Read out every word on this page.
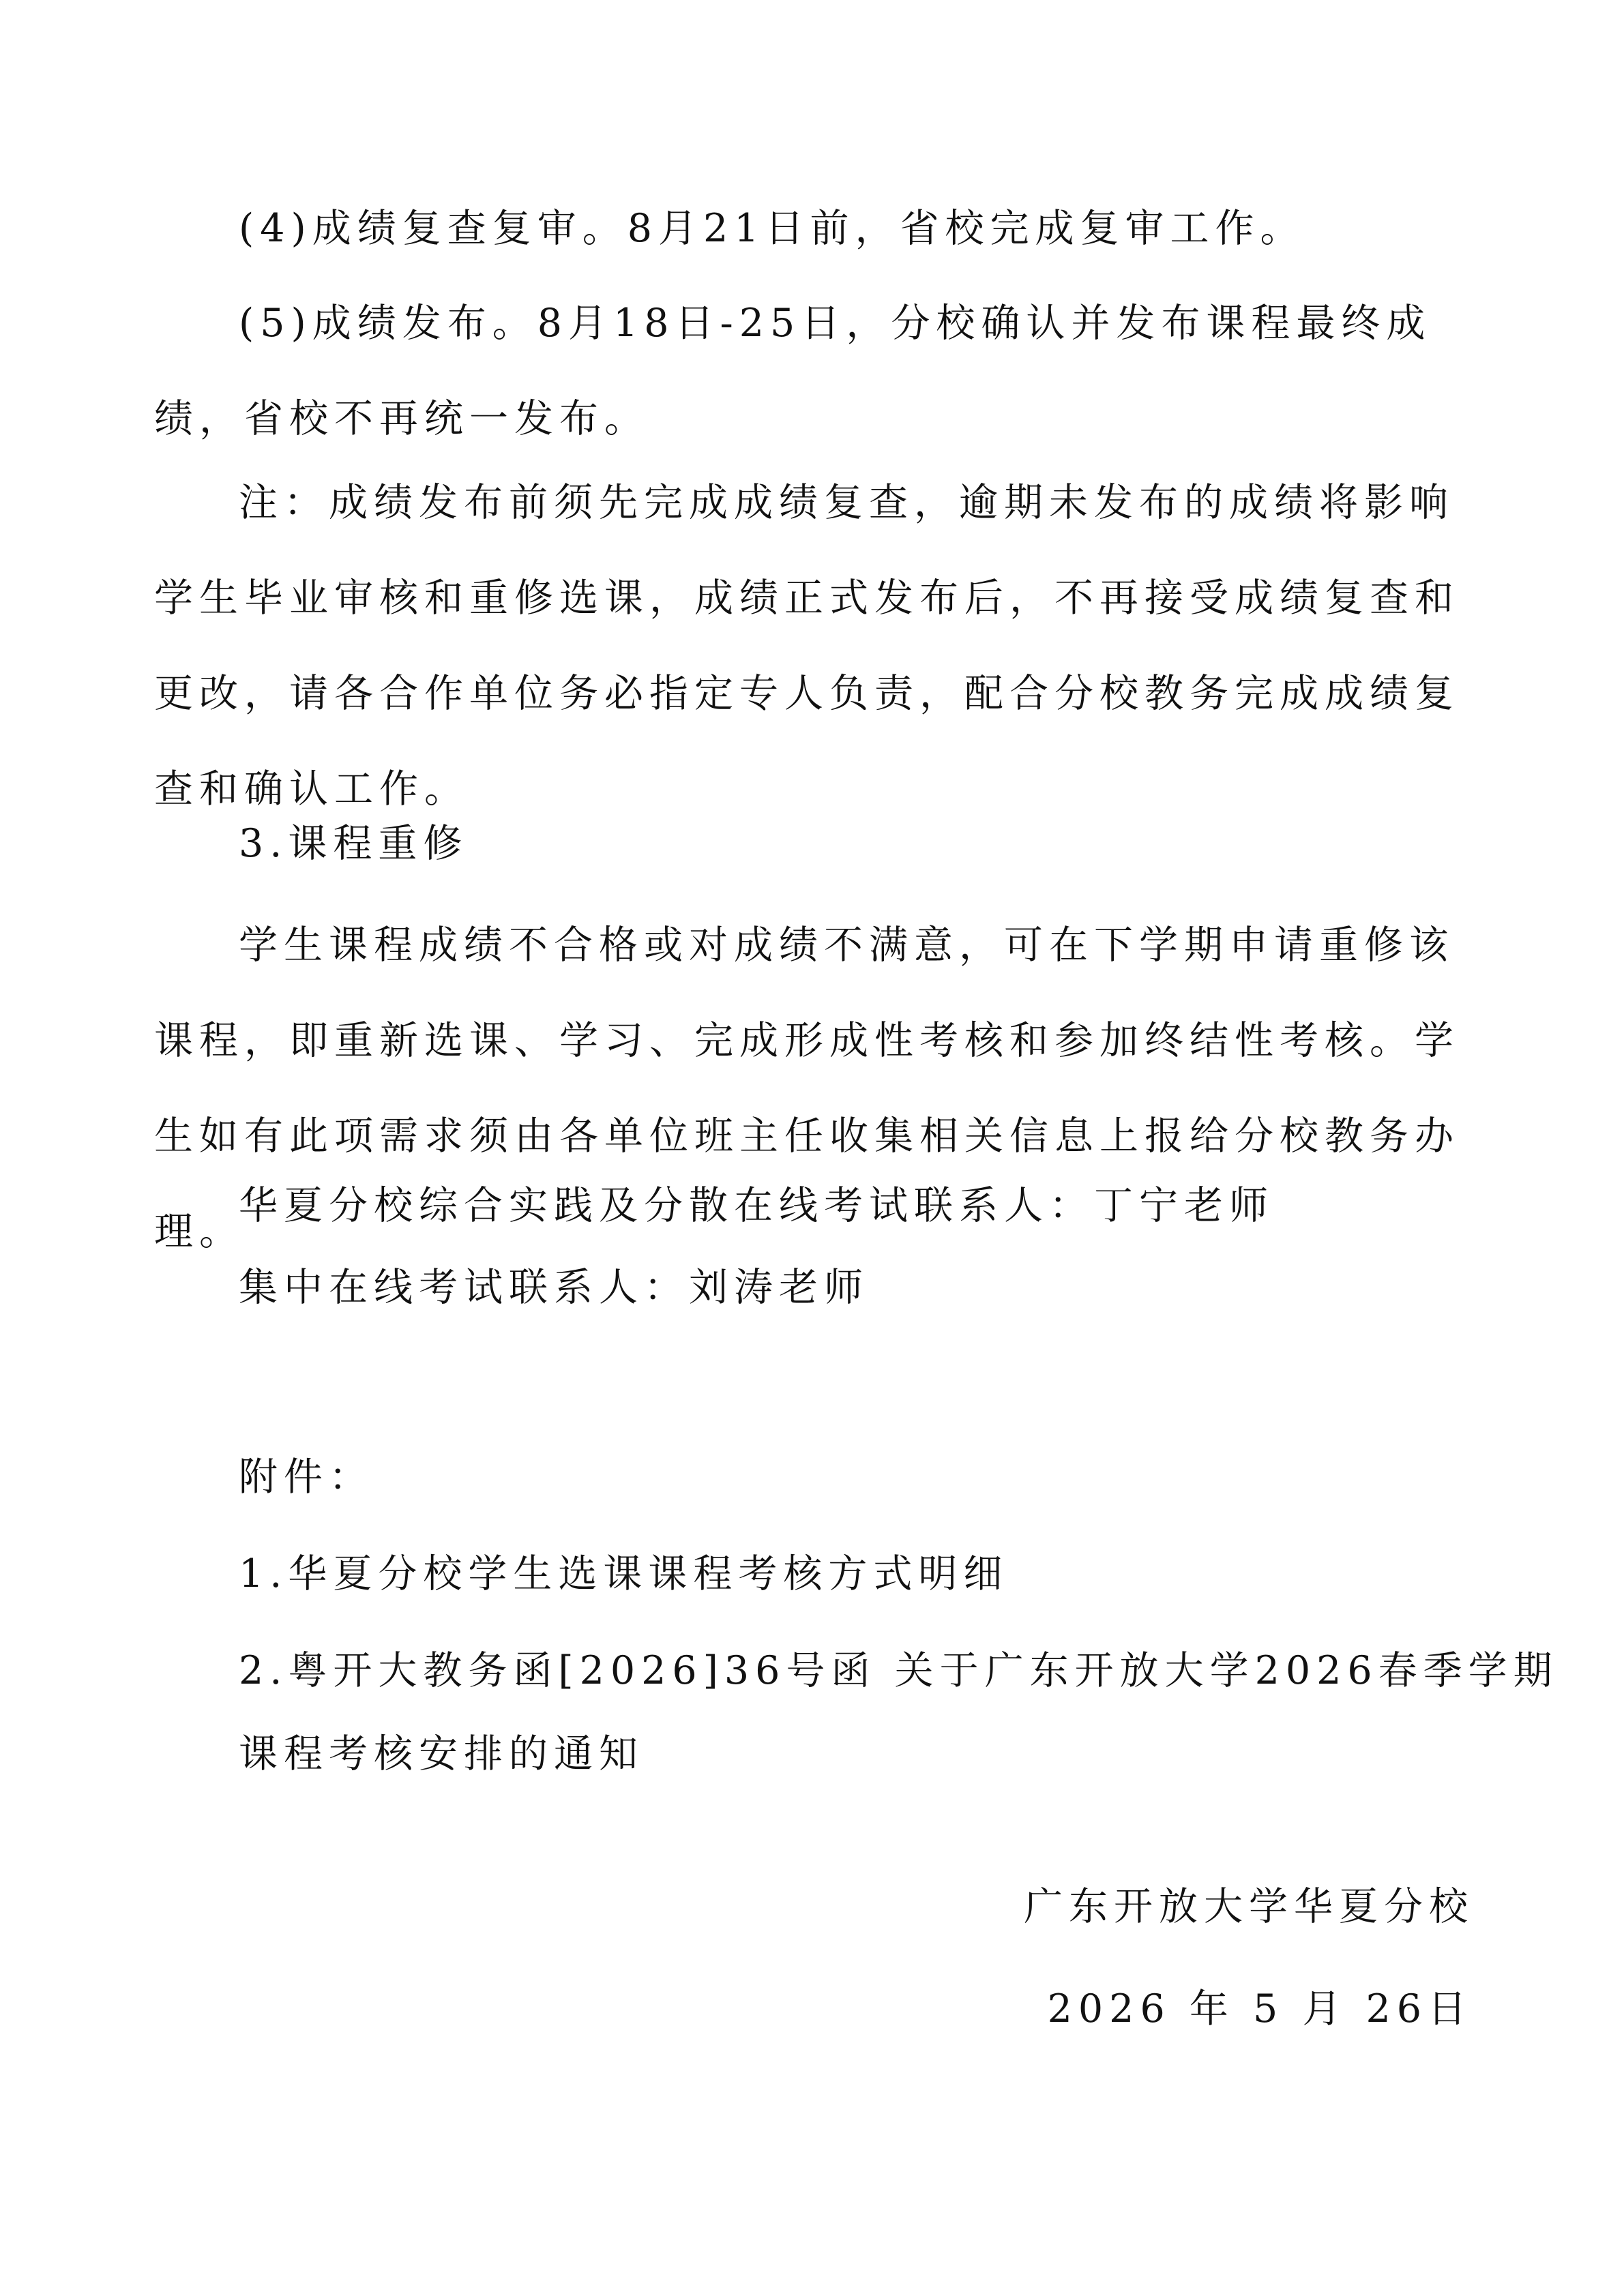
(4)成绩复查复审。8月21日前，省校完成复审工作。

(5)成绩发布。8月18日-25日，分校确认并发布课程最终成绩，省校不再统一发布。

注：成绩发布前须先完成成绩复查，逾期未发布的成绩将影响学生毕业审核和重修选课，成绩正式发布后，不再接受成绩复查和更改，请各合作单位务必指定专人负责，配合分校教务完成成绩复查和确认工作。

3.课程重修

学生课程成绩不合格或对成绩不满意，可在下学期申请重修该课程，即重新选课、学习、完成形成性考核和参加终结性考核。学生如有此项需求须由各单位班主任收集相关信息上报给分校教务办理。

华夏分校综合实践及分散在线考试联系人：丁宁老师

集中在线考试联系人：刘涛老师

附件：

1.华夏分校学生选课课程考核方式明细

2.粤开大教务函[2026]36号函 关于广东开放大学2026春季学期

课程考核安排的通知

广东开放大学华夏分校
2026 年 5 月 26日
